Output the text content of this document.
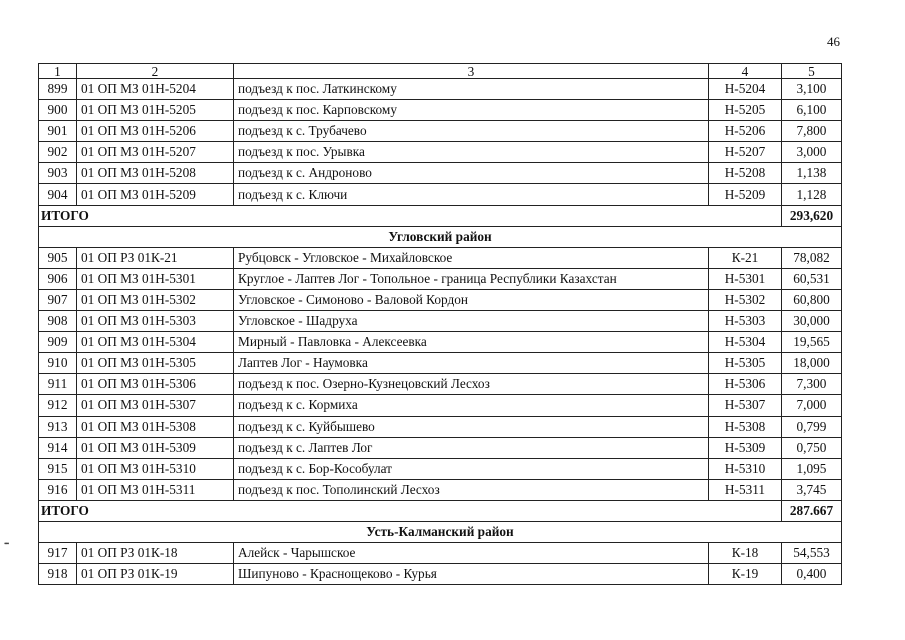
46
•••
1	2	3	4	5
899	01 ОП МЗ 01Н-5204	подъезд к пос. Латкинскому	Н-5204	3,100
900	01 ОП МЗ 01Н-5205	подъезд к пос. Карповскому	Н-5205	6,100
901	01 ОП МЗ 01Н-5206	подъезд к с. Трубачево	Н-5206	7,800
902	01 ОП МЗ 01Н-5207	подъезд к пос. Урывка	Н-5207	3,000
903	01 ОП МЗ 01Н-5208	подъезд к с. Андроново	Н-5208	1,138
904	01 ОП МЗ 01Н-5209	подъезд к с. Ключи	Н-5209	1,128
ИТОГО				293,620
Угловский район				
905	01 ОП РЗ 01К-21	Рубцовск - Угловское - Михайловское	К-21	78,082
906	01 ОП МЗ 01Н-5301	Круглое - Лаптев Лог - Топольное - граница Республики Казахстан	Н-5301	60,531
907	01 ОП МЗ 01Н-5302	Угловское - Симоново - Валовой Кордон	Н-5302	60,800
908	01 ОП МЗ 01Н-5303	Угловское - Шадруха	Н-5303	30,000
909	01 ОП МЗ 01Н-5304	Мирный - Павловка - Алексеевка	Н-5304	19,565
910	01 ОП МЗ 01Н-5305	Лаптев Лог - Наумовка	Н-5305	18,000
911	01 ОП МЗ 01Н-5306	подъезд к пос. Озерно-Кузнецовский Лесхоз	Н-5306	7,300
912	01 ОП МЗ 01Н-5307	подъезд к с. Кормиха	Н-5307	7,000
913	01 ОП МЗ 01Н-5308	подъезд к с. Куйбышево	Н-5308	0,799
914	01 ОП МЗ 01Н-5309	подъезд к с. Лаптев Лог	Н-5309	0,750
915	01 ОП МЗ 01Н-5310	подъезд к с. Бор-Кособулат	Н-5310	1,095
916	01 ОП МЗ 01Н-5311	подъезд к пос. Тополинский Лесхоз	Н-5311	3,745
ИТОГО				287.667
Усть-Калманский район				
917	01 ОП РЗ 01К-18	Алейск - Чарышское	К-18	54,553
918	01 ОП РЗ 01К-19	Шипуново - Краснощеково - Курья	К-19	0,400
